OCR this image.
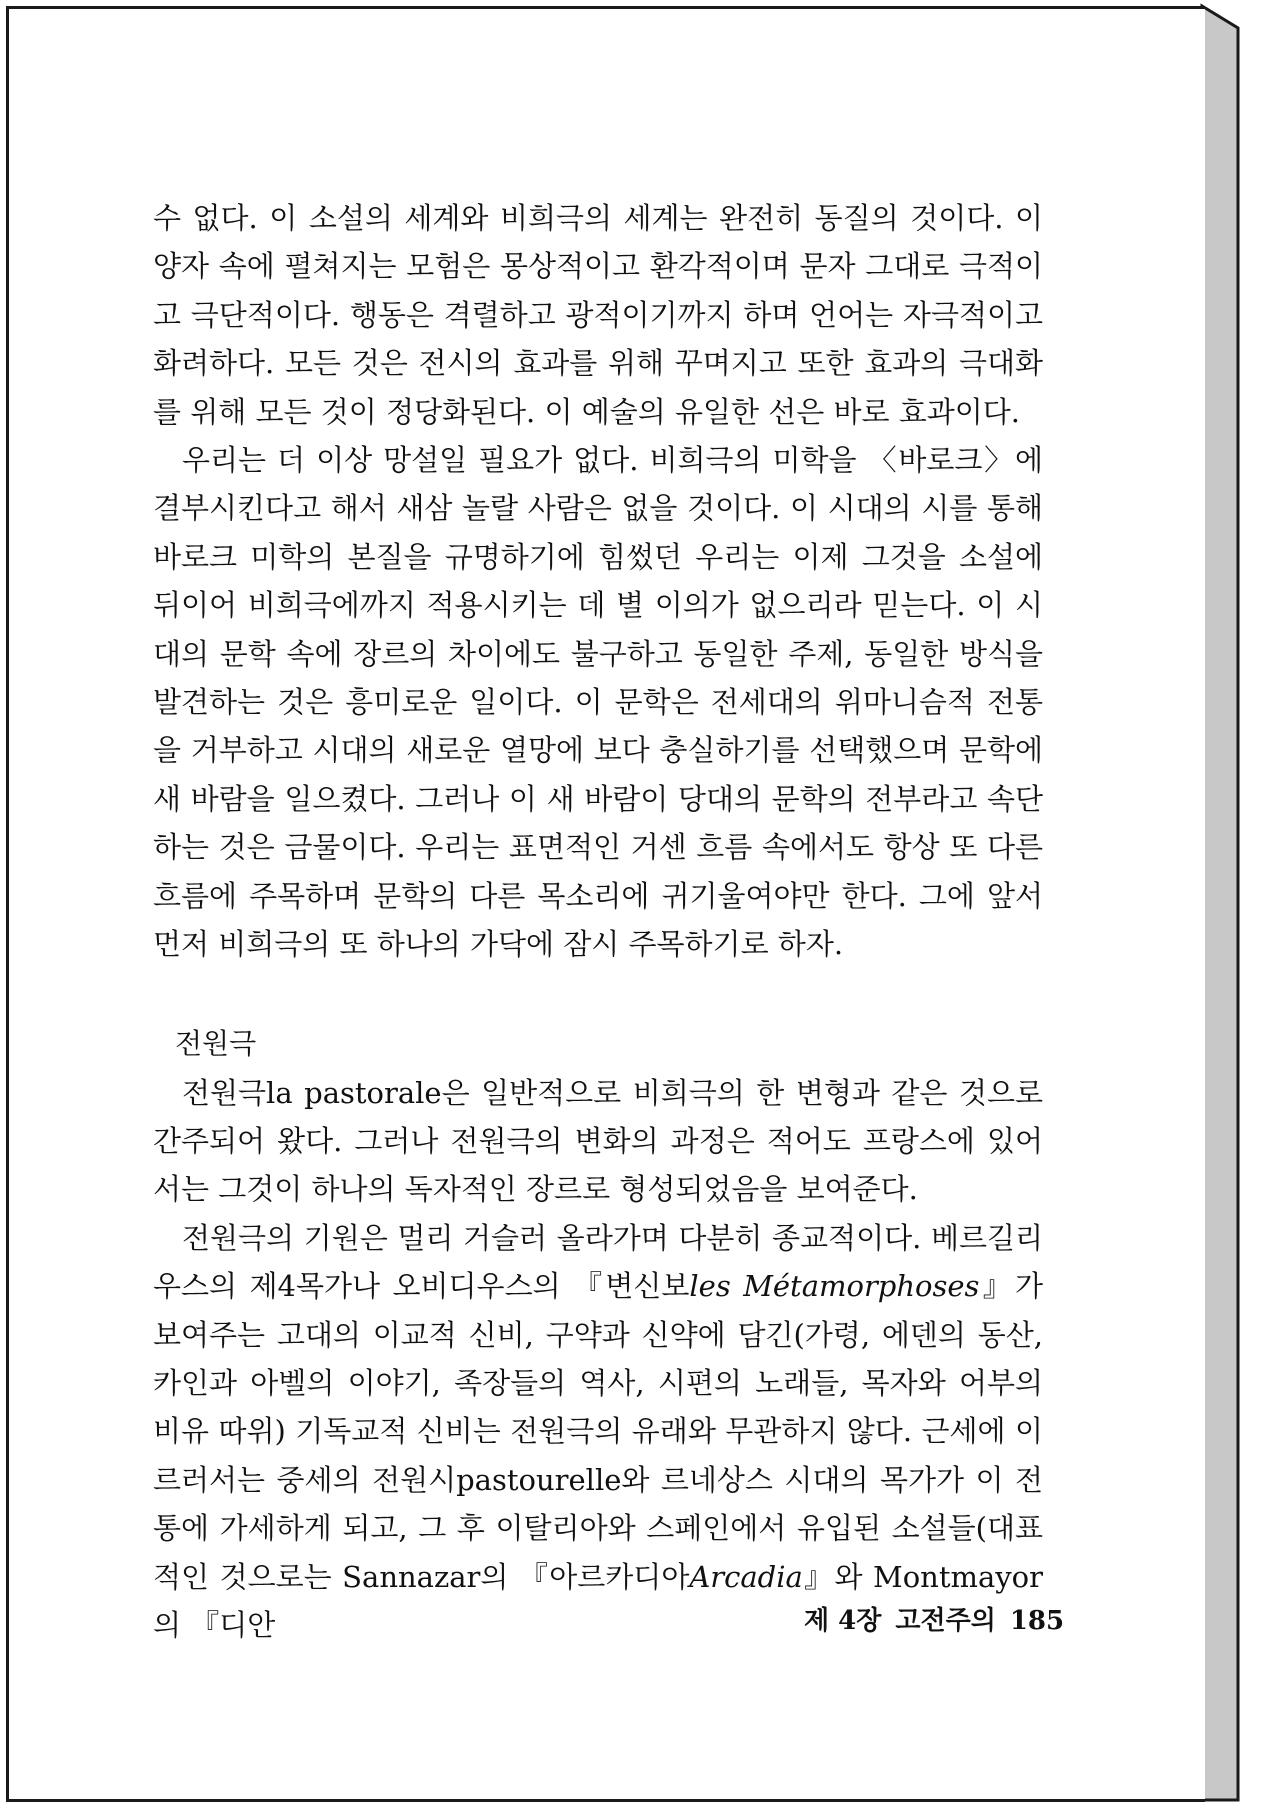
수 없다. 이 소설의 세계와 비희극의 세계는 완전히 동질의 것이다. 이 양자 속에 펼쳐지는 모험은 몽상적이고 환각적이며 문자 그대로 극적이고 극단적이다. 행동은 격렬하고 광적이기까지 하며 언어는 자극적이고 화려하다. 모든 것은 전시의 효과를 위해 꾸며지고 또한 효과의 극대화를 위해 모든 것이 정당화된다. 이 예술의 유일한 선은 바로 효과이다.

우리는 더 이상 망설일 필요가 없다. 비희극의 미학을 〈바로크〉에 결부시킨다고 해서 새삼 놀랄 사람은 없을 것이다. 이 시대의 시를 통해 바로크 미학의 본질을 규명하기에 힘썼던 우리는 이제 그것을 소설에 뒤이어 비희극에까지 적용시키는 데 별 이의가 없으리라 믿는다. 이 시대의 문학 속에 장르의 차이에도 불구하고 동일한 주제, 동일한 방식을 발견하는 것은 흥미로운 일이다. 이 문학은 전세대의 위마니슴적 전통을 거부하고 시대의 새로운 열망에 보다 충실하기를 선택했으며 문학에 새 바람을 일으켰다. 그러나 이 새 바람이 당대의 문학의 전부라고 속단하는 것은 금물이다. 우리는 표면적인 거센 흐름 속에서도 항상 또 다른 흐름에 주목하며 문학의 다른 목소리에 귀기울여야만 한다. 그에 앞서 먼저 비희극의 또 하나의 가닥에 잠시 주목하기로 하자.

전원극

전원극la pastorale은 일반적으로 비희극의 한 변형과 같은 것으로 간주되어 왔다. 그러나 전원극의 변화의 과정은 적어도 프랑스에 있어서는 그것이 하나의 독자적인 장르로 형성되었음을 보여준다.

전원극의 기원은 멀리 거슬러 올라가며 다분히 종교적이다. 베르길리우스의 제4목가나 오비디우스의 『변신보les Métamorphoses』가 보여주는 고대의 이교적 신비, 구약과 신약에 담긴(가령, 에덴의 동산, 카인과 아벨의 이야기, 족장들의 역사, 시편의 노래들, 목자와 어부의 비유 따위) 기독교적 신비는 전원극의 유래와 무관하지 않다. 근세에 이르러서는 중세의 전원시pastourelle와 르네상스 시대의 목가가 이 전통에 가세하게 되고, 그 후 이탈리아와 스페인에서 유입된 소설들(대표적인 것으로는 Sannazar의 『아르카디아Arcadia』와 Montmayor의 『디안	제 4장 고전주의 185
